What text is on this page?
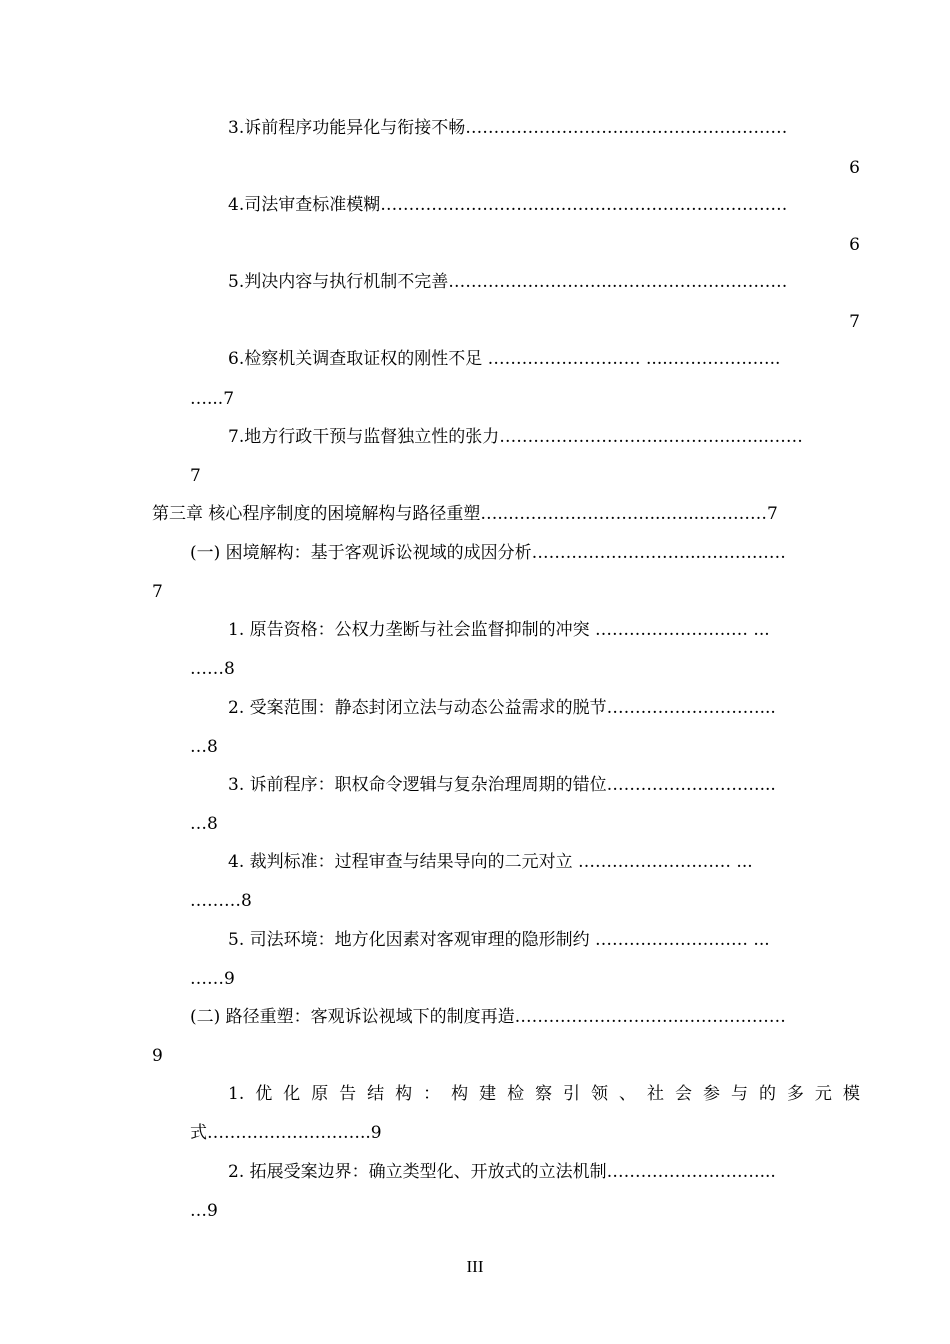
3.诉前程序功能异化与衔接不畅………………………...………………………
6
4.司法审查标准模糊………………………...……………………………………
6
5.判决内容与执行机制不完善………………………...…………………………
7
6.检察机关调查取证权的刚性不足 ……………………… ....………………..
…...7
7.地方行政干预与监督独立性的张力………………………...………...…...……
7
第三章 核心程序制度的困境解构与路径重塑…...……………………...…...…………7
(一) 困境解构：基于客观诉讼视域的成因分析………………………...……………
7
1. 原告资格：公权力垄断与社会监督抑制的冲突 ……………………… ...
……8
2. 受案范围：静态封闭立法与动态公益需求的脱节………………………...
…8
3. 诉前程序：职权命令逻辑与复杂治理周期的错位………………………...
…8
4. 裁判标准：过程审查与结果导向的二元对立 ……………………… ...
………8
5. 司法环境：地方化因素对客观审理的隐形制约 ……………………… ...
……9
(二) 路径重塑：客观诉讼视域下的制度再造………………………...………………
9
1. 优 化 原 告 结 构 ： 构 建 检 察 引 领 、 社 会 参 与 的 多 元 模
式………………………..9
2. 拓展受案边界：确立类型化、开放式的立法机制………………………...
…9
III
